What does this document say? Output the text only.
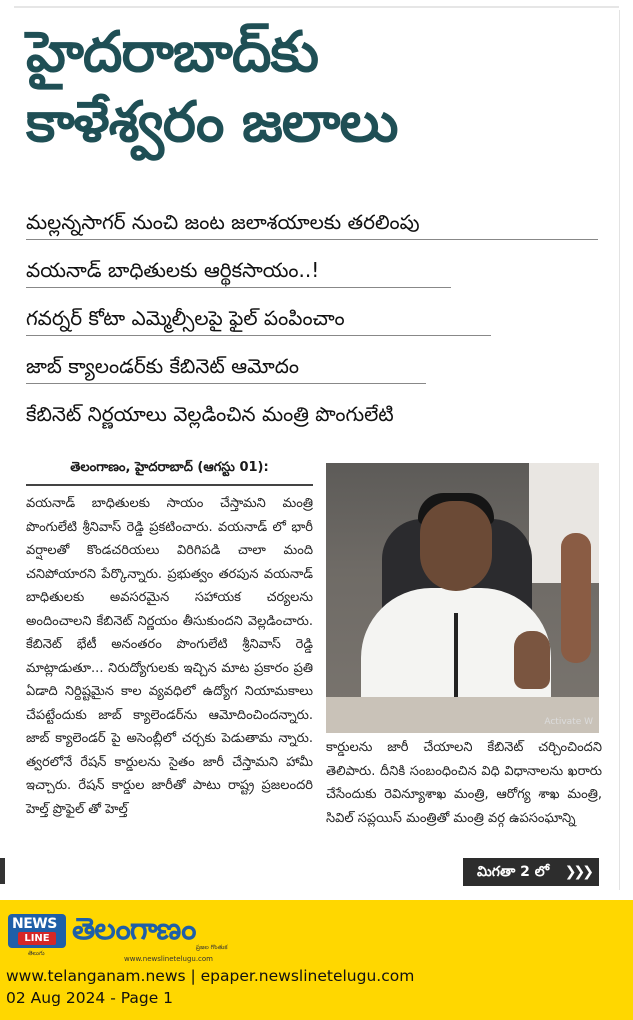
హైదరాబాద్‌కు
కాళేశ్వరం జలాలు
మల్లన్నసాగర్ నుంచి జంట జలాశయాలకు తరలింపు వయనాడ్ బాధితులకు ఆర్థికసాయం..! గవర్నర్ కోటా ఎమ్మెల్సీలపై ఫైల్ పంపించాం జాబ్ క్యాలండర్‌కు కేబినెట్ ఆమోదం కేబినెట్ నిర్ణయాలు వెల్లడించిన మంత్రి పొంగులేటి
తెలంగాణం, హైదరాబాద్ (ఆగస్టు 01):
వయనాడ్ బాధితులకు సాయం చేస్తామని మంత్రి పొంగులేటి శ్రీనివాస్ రెడ్డి ప్రకటించారు. వయనాడ్ లో భారీ వర్షాలతో కొండచరియలు విరిగిపడి చాలా మంది చనిపోయారని పేర్కొన్నారు. ప్రభుత్వం తరపున వయనాడ్ బాధితులకు అవసరమైన సహాయక చర్యలను అందించాలని కేబినెట్ నిర్ణయం తీసుకుందని వెల్లడించారు. కేబినెట్ భేటీ అనంతరం పొంగులేటి శ్రీనివాస్ రెడ్డి మాట్లాడుతూ... నిరుద్యోగులకు ఇచ్చిన మాట ప్రకారం ప్రతి ఏడాది నిర్దిష్టమైన కాల వ్యవధిలో ఉద్యోగ నియామకాలు చేపట్టేందుకు జాబ్ క్యాలెండర్‌ను ఆమోదించిందన్నారు. జాబ్ క్యాలెండర్ పై అసెంబ్లీలో చర్చకు పెడుతామ న్నారు. త్వరలోనే రేషన్ కార్డులను సైతం జారీ చేస్తామని హామీ ఇచ్చారు. రేషన్ కార్డుల జారీతో పాటు రాష్ట్ర ప్రజలందరి హెల్త్ ప్రొఫైల్ తో హెల్త్
Activate W
కార్డులను జారీ చేయాలని కేబినెట్ చర్చించిందని తెలిపారు. దీనికి సంబంధించిన విధి విధానాలను ఖరారు చేసేందుకు రెవిన్యూశాఖ మంత్రి, ఆరోగ్య శాఖ మంత్రి, సివిల్ సప్లయిస్ మంత్రితో మంత్రి వర్గ ఉపసంఘాన్ని
మిగతా 2 లో ❯❯❯
NEWS
LINE
తెలుగు
తెలంగాణం
ప్రజల గొంతుక
www.newslinetelugu.com
www.telanganam.news | epaper.newslinetelugu.com
02 Aug 2024 - Page 1
